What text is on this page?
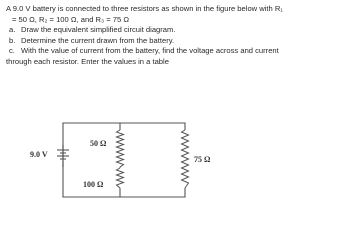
A 9.0 V battery is connected to three resistors as shown in the figure below with R₁
= 50 Ω, R₂ = 100 Ω, and R₃ = 75 Ω
a. Draw the equivalent simplified circuit diagram.
b. Determine the current drawn from the battery.
c. With the value of current from the battery, find the voltage across and current
through each resistor. Enter the values in a table
9.0 V
50 Ω
100 Ω
75 Ω
